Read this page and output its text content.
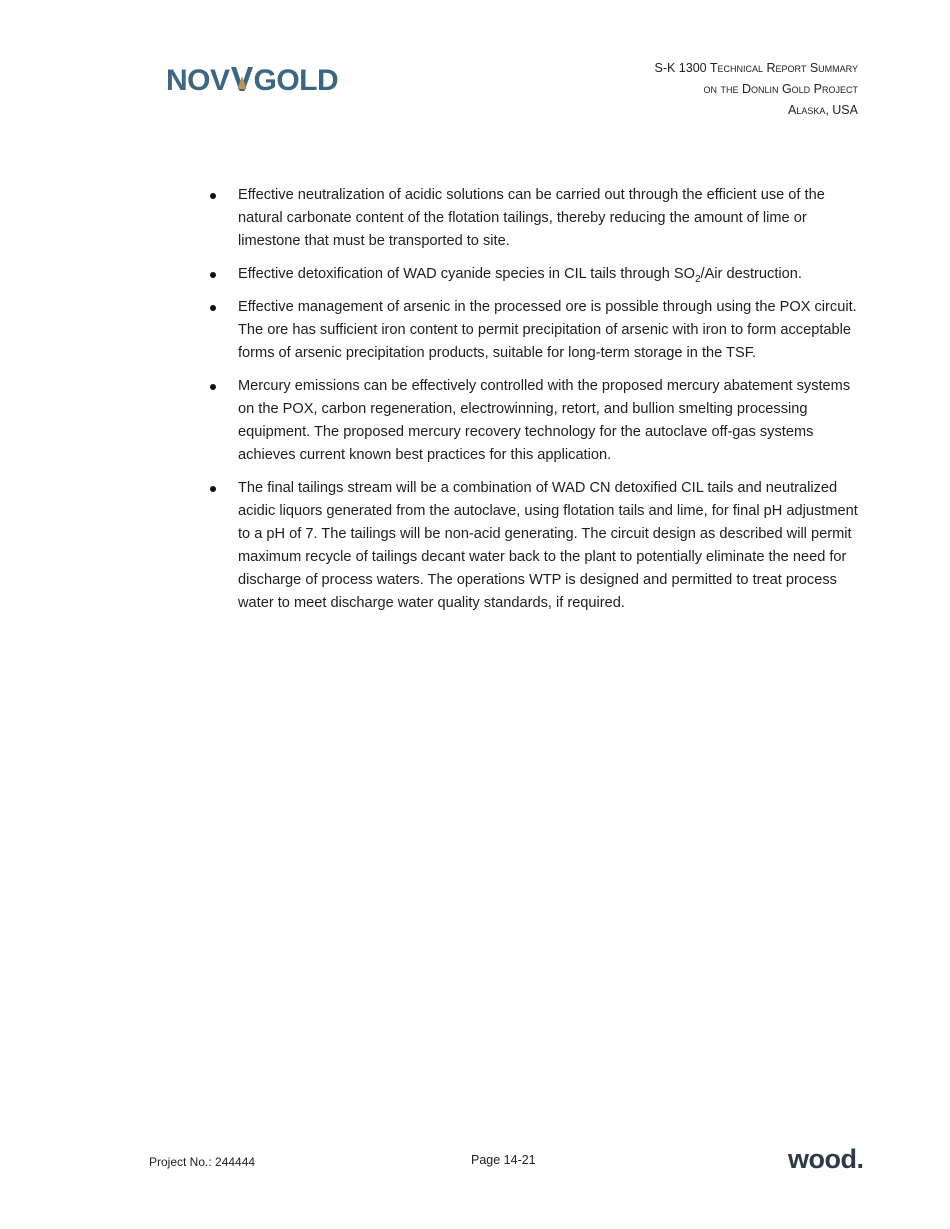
NOV GOLD	S-K 1300 Technical Report Summary
on the Donlin Gold Project
Alaska, USA
Effective neutralization of acidic solutions can be carried out through the efficient use of the natural carbonate content of the flotation tailings, thereby reducing the amount of lime or limestone that must be transported to site.
Effective detoxification of WAD cyanide species in CIL tails through $SO_2$/Air destruction.
Effective management of arsenic in the processed ore is possible through using the POX circuit. The ore has sufficient iron content to permit precipitation of arsenic with iron to form acceptable forms of arsenic precipitation products, suitable for long-term storage in the TSF.
Mercury emissions can be effectively controlled with the proposed mercury abatement systems on the POX, carbon regeneration, electrowinning, retort, and bullion smelting processing equipment. The proposed mercury recovery technology for the autoclave off-gas systems achieves current known best practices for this application.
The final tailings stream will be a combination of WAD CN detoxified CIL tails and neutralized acidic liquors generated from the autoclave, using flotation tails and lime, for final pH adjustment to a pH of 7. The tailings will be non-acid generating. The circuit design as described will permit maximum recycle of tailings decant water back to the plant to potentially eliminate the need for discharge of process waters. The operations WTP is designed and permitted to treat process water to meet discharge water quality standards, if required.
Project No.: 244444	Page 14-21	wood.
